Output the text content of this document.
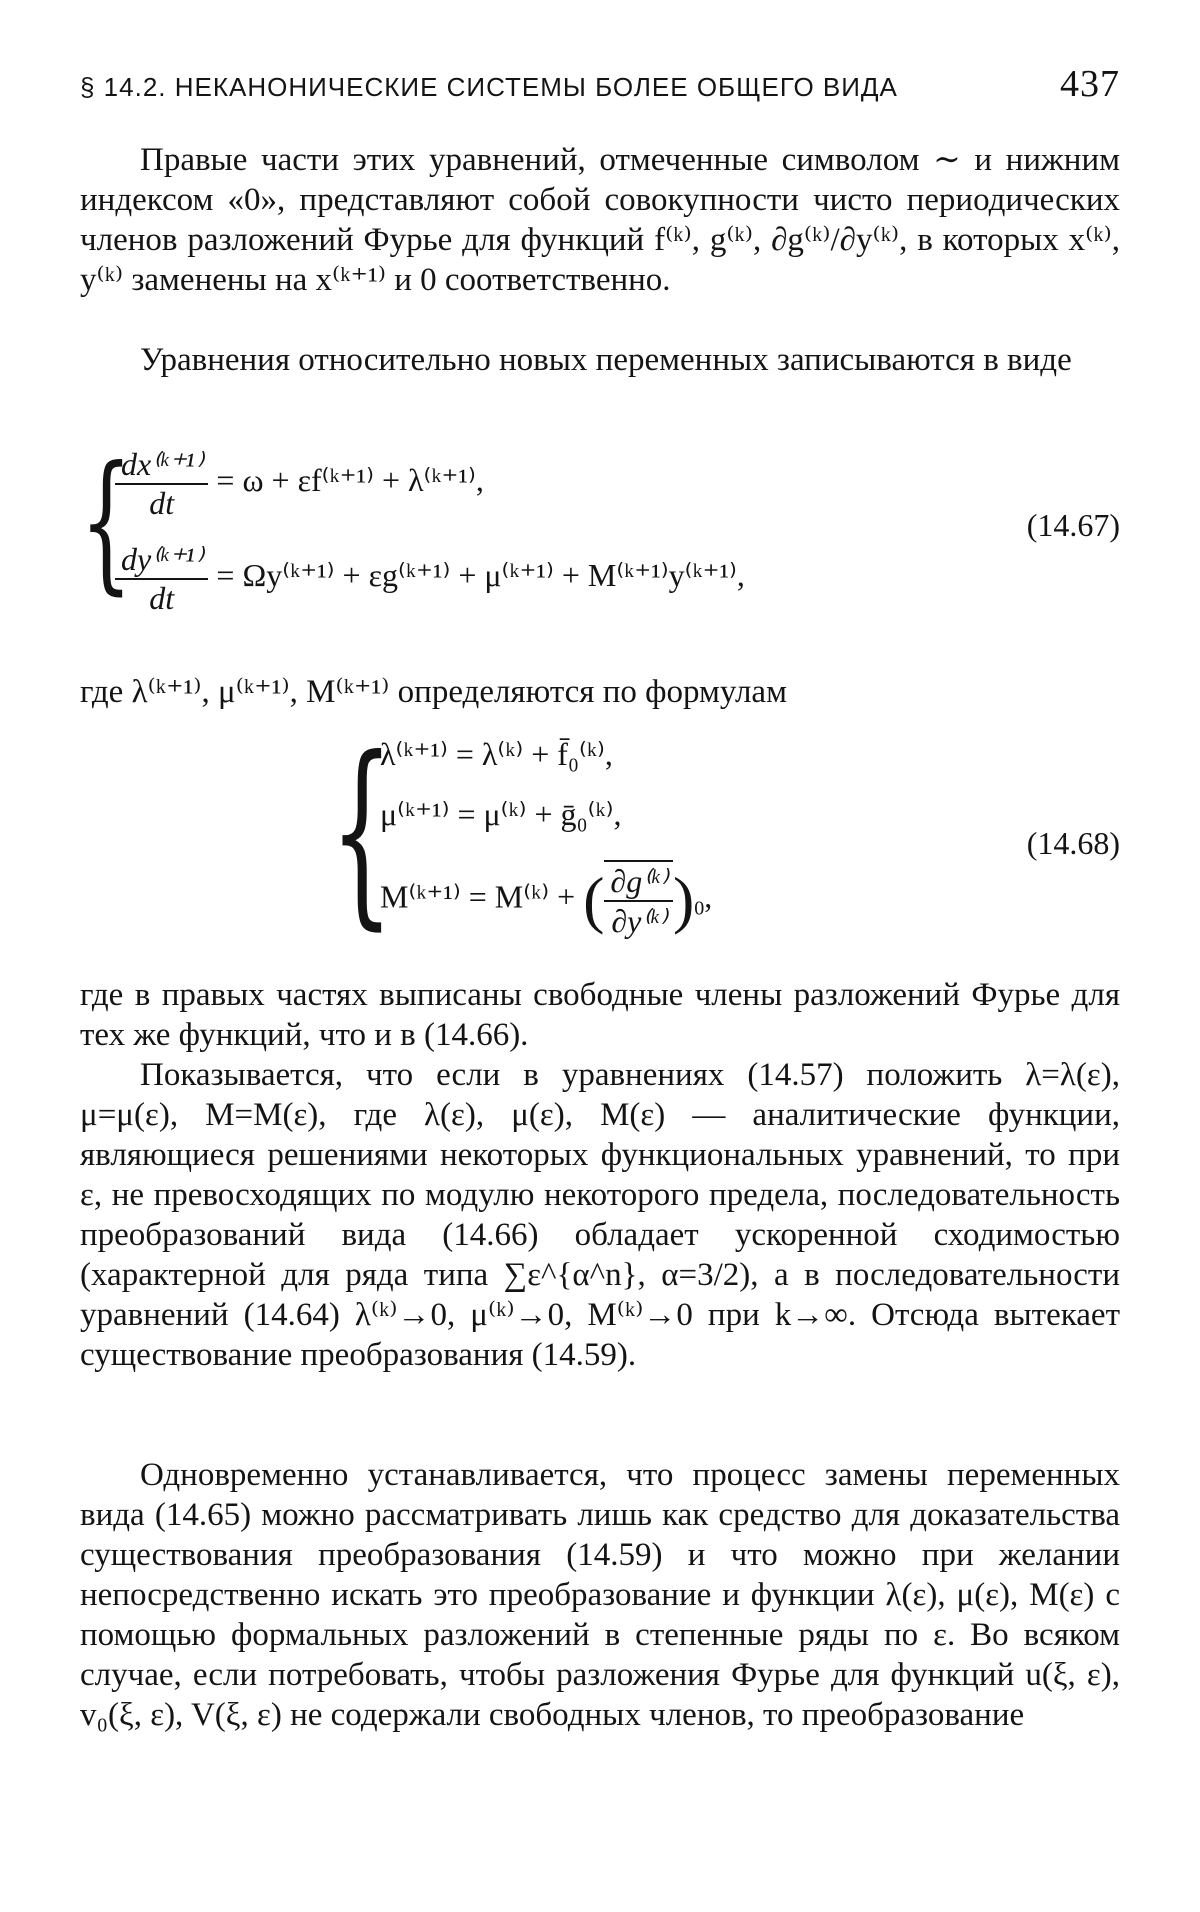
§ 14.2. НЕКАНОНИЧЕСКИЕ СИСТЕМЫ БОЛЕЕ ОБЩЕГО ВИДА	437

Правые части этих уравнений, отмеченные символом ∼ и нижним индексом «0», представляют собой совокупности чисто периодических членов разложений Фурье для функций f⁽ᵏ⁾, g⁽ᵏ⁾, ∂g⁽ᵏ⁾/∂y⁽ᵏ⁾, в которых x⁽ᵏ⁾, y⁽ᵏ⁾ заменены на x⁽ᵏ⁺¹⁾ и 0 соответственно.

Уравнения относительно новых переменных записываются в виде

{
$\frac{\text{dx⁽ᵏ⁺¹⁾}}{dt} = \omega$ + εf⁽ᵏ⁺¹⁾ + λ⁽ᵏ⁺¹⁾,
$\frac{\text{dy⁽ᵏ⁺¹⁾}}{dt}$ = Ωy⁽ᵏ⁺¹⁾ + εg⁽ᵏ⁺¹⁾ + μ⁽ᵏ⁺¹⁾ + M⁽ᵏ⁺¹⁾y⁽ᵏ⁺¹⁾,
(14.67)

где λ⁽ᵏ⁺¹⁾, μ⁽ᵏ⁺¹⁾, M⁽ᵏ⁺¹⁾ определяются по формулам

{
λ⁽ᵏ⁺¹⁾ = λ⁽ᵏ⁾ + f̄₀⁽ᵏ⁾,
μ⁽ᵏ⁺¹⁾ = μ⁽ᵏ⁾ + ḡ₀⁽ᵏ⁾,
M⁽ᵏ⁺¹⁾ = M⁽ᵏ⁾ + ( $\frac{\text{∂g⁽ᵏ⁾}}{\text{∂y⁽ᵏ⁾}} )_0$,
(14.68)

где в правых частях выписаны свободные члены разложений Фурье для тех же функций, что и в (14.66).

Показывается, что если в уравнениях (14.57) положить λ=λ(ε), μ=μ(ε), M=M(ε), где λ(ε), μ(ε), M(ε) — аналитические функции, являющиеся решениями некоторых функциональных уравнений, то при ε, не превосходящих по модулю некоторого предела, последовательность преобразований вида (14.66) обладает ускоренной сходимостью (характерной для ряда типа ∑ε^{α^n}, α=3/2), а в последовательности уравнений (14.64) λ⁽ᵏ⁾→0, μ⁽ᵏ⁾→0, M⁽ᵏ⁾→0 при k→∞. Отсюда вытекает существование преобразования (14.59).

Одновременно устанавливается, что процесс замены переменных вида (14.65) можно рассматривать лишь как средство для доказательства существования преобразования (14.59) и что можно при желании непосредственно искать это преобразование и функции λ(ε), μ(ε), M(ε) с помощью формальных разложений в степенные ряды по ε. Во всяком случае, если потребовать, чтобы разложения Фурье для функций u(ξ, ε), v₀(ξ, ε), V(ξ, ε) не содержали свободных членов, то преобразование
